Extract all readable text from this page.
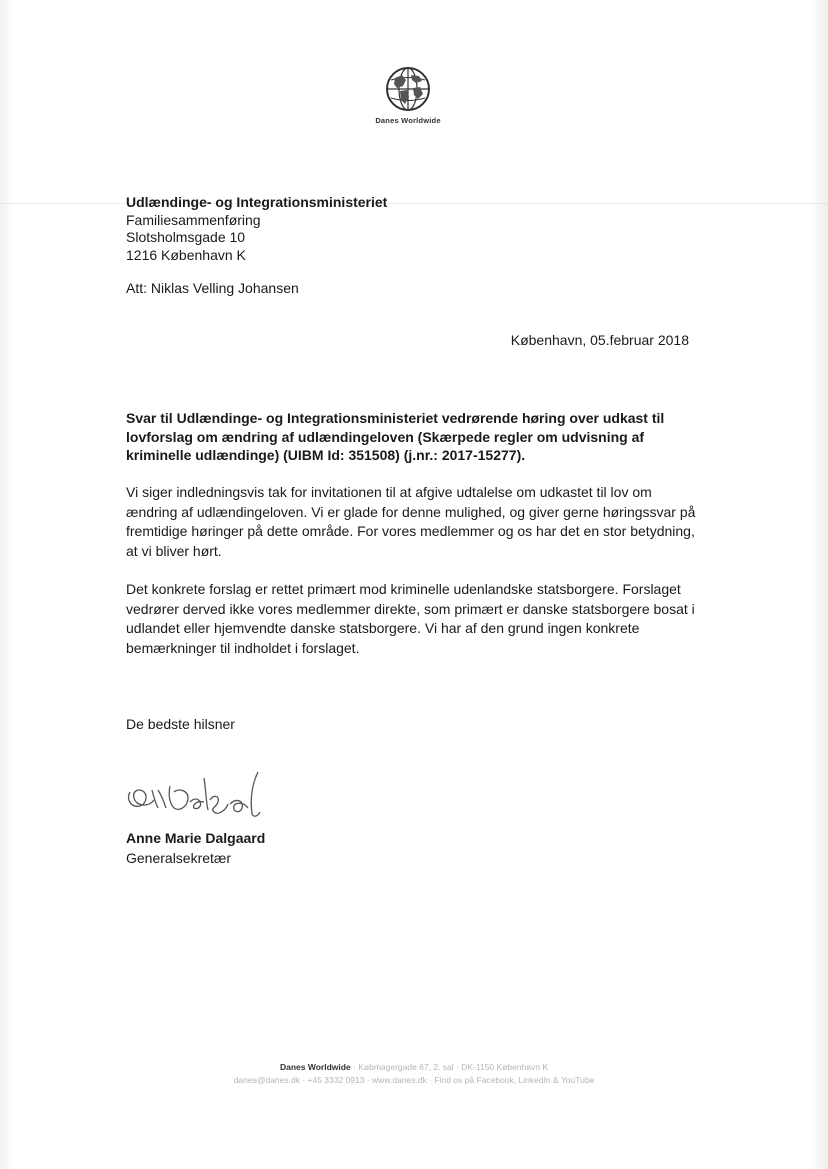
Danes Worldwide
Udlændinge- og Integrationsministeriet
Familiesammenføring
Slotsholmsgade 10
1216 København K
Att: Niklas Velling Johansen
København, 05.februar 2018
Svar til Udlændinge- og Integrationsministeriet vedrørende høring over udkast til lovforslag om ændring af udlændingeloven (Skærpede regler om udvisning af kriminelle udlændinge) (UIBM Id: 351508) (j.nr.: 2017-15277).
Vi siger indledningsvis tak for invitationen til at afgive udtalelse om udkastet til lov om ændring af udlændingeloven. Vi er glade for denne mulighed, og giver gerne høringssvar på fremtidige høringer på dette område. For vores medlemmer og os har det en stor betydning, at vi bliver hørt.
Det konkrete forslag er rettet primært mod kriminelle udenlandske statsborgere. Forslaget vedrører derved ikke vores medlemmer direkte, som primært er danske statsborgere bosat i udlandet eller hjemvendte danske statsborgere. Vi har af den grund ingen konkrete bemærkninger til indholdet i forslaget.
De bedste hilsner
Anne Marie Dalgaard
Generalsekretær
Danes Worldwide · Købmagergade 67, 2. sal · DK-1150 København K
danes@danes.dk · +45 3332 0913 · www.danes.dk · Find os på Facebook, LinkedIn & YouTube
